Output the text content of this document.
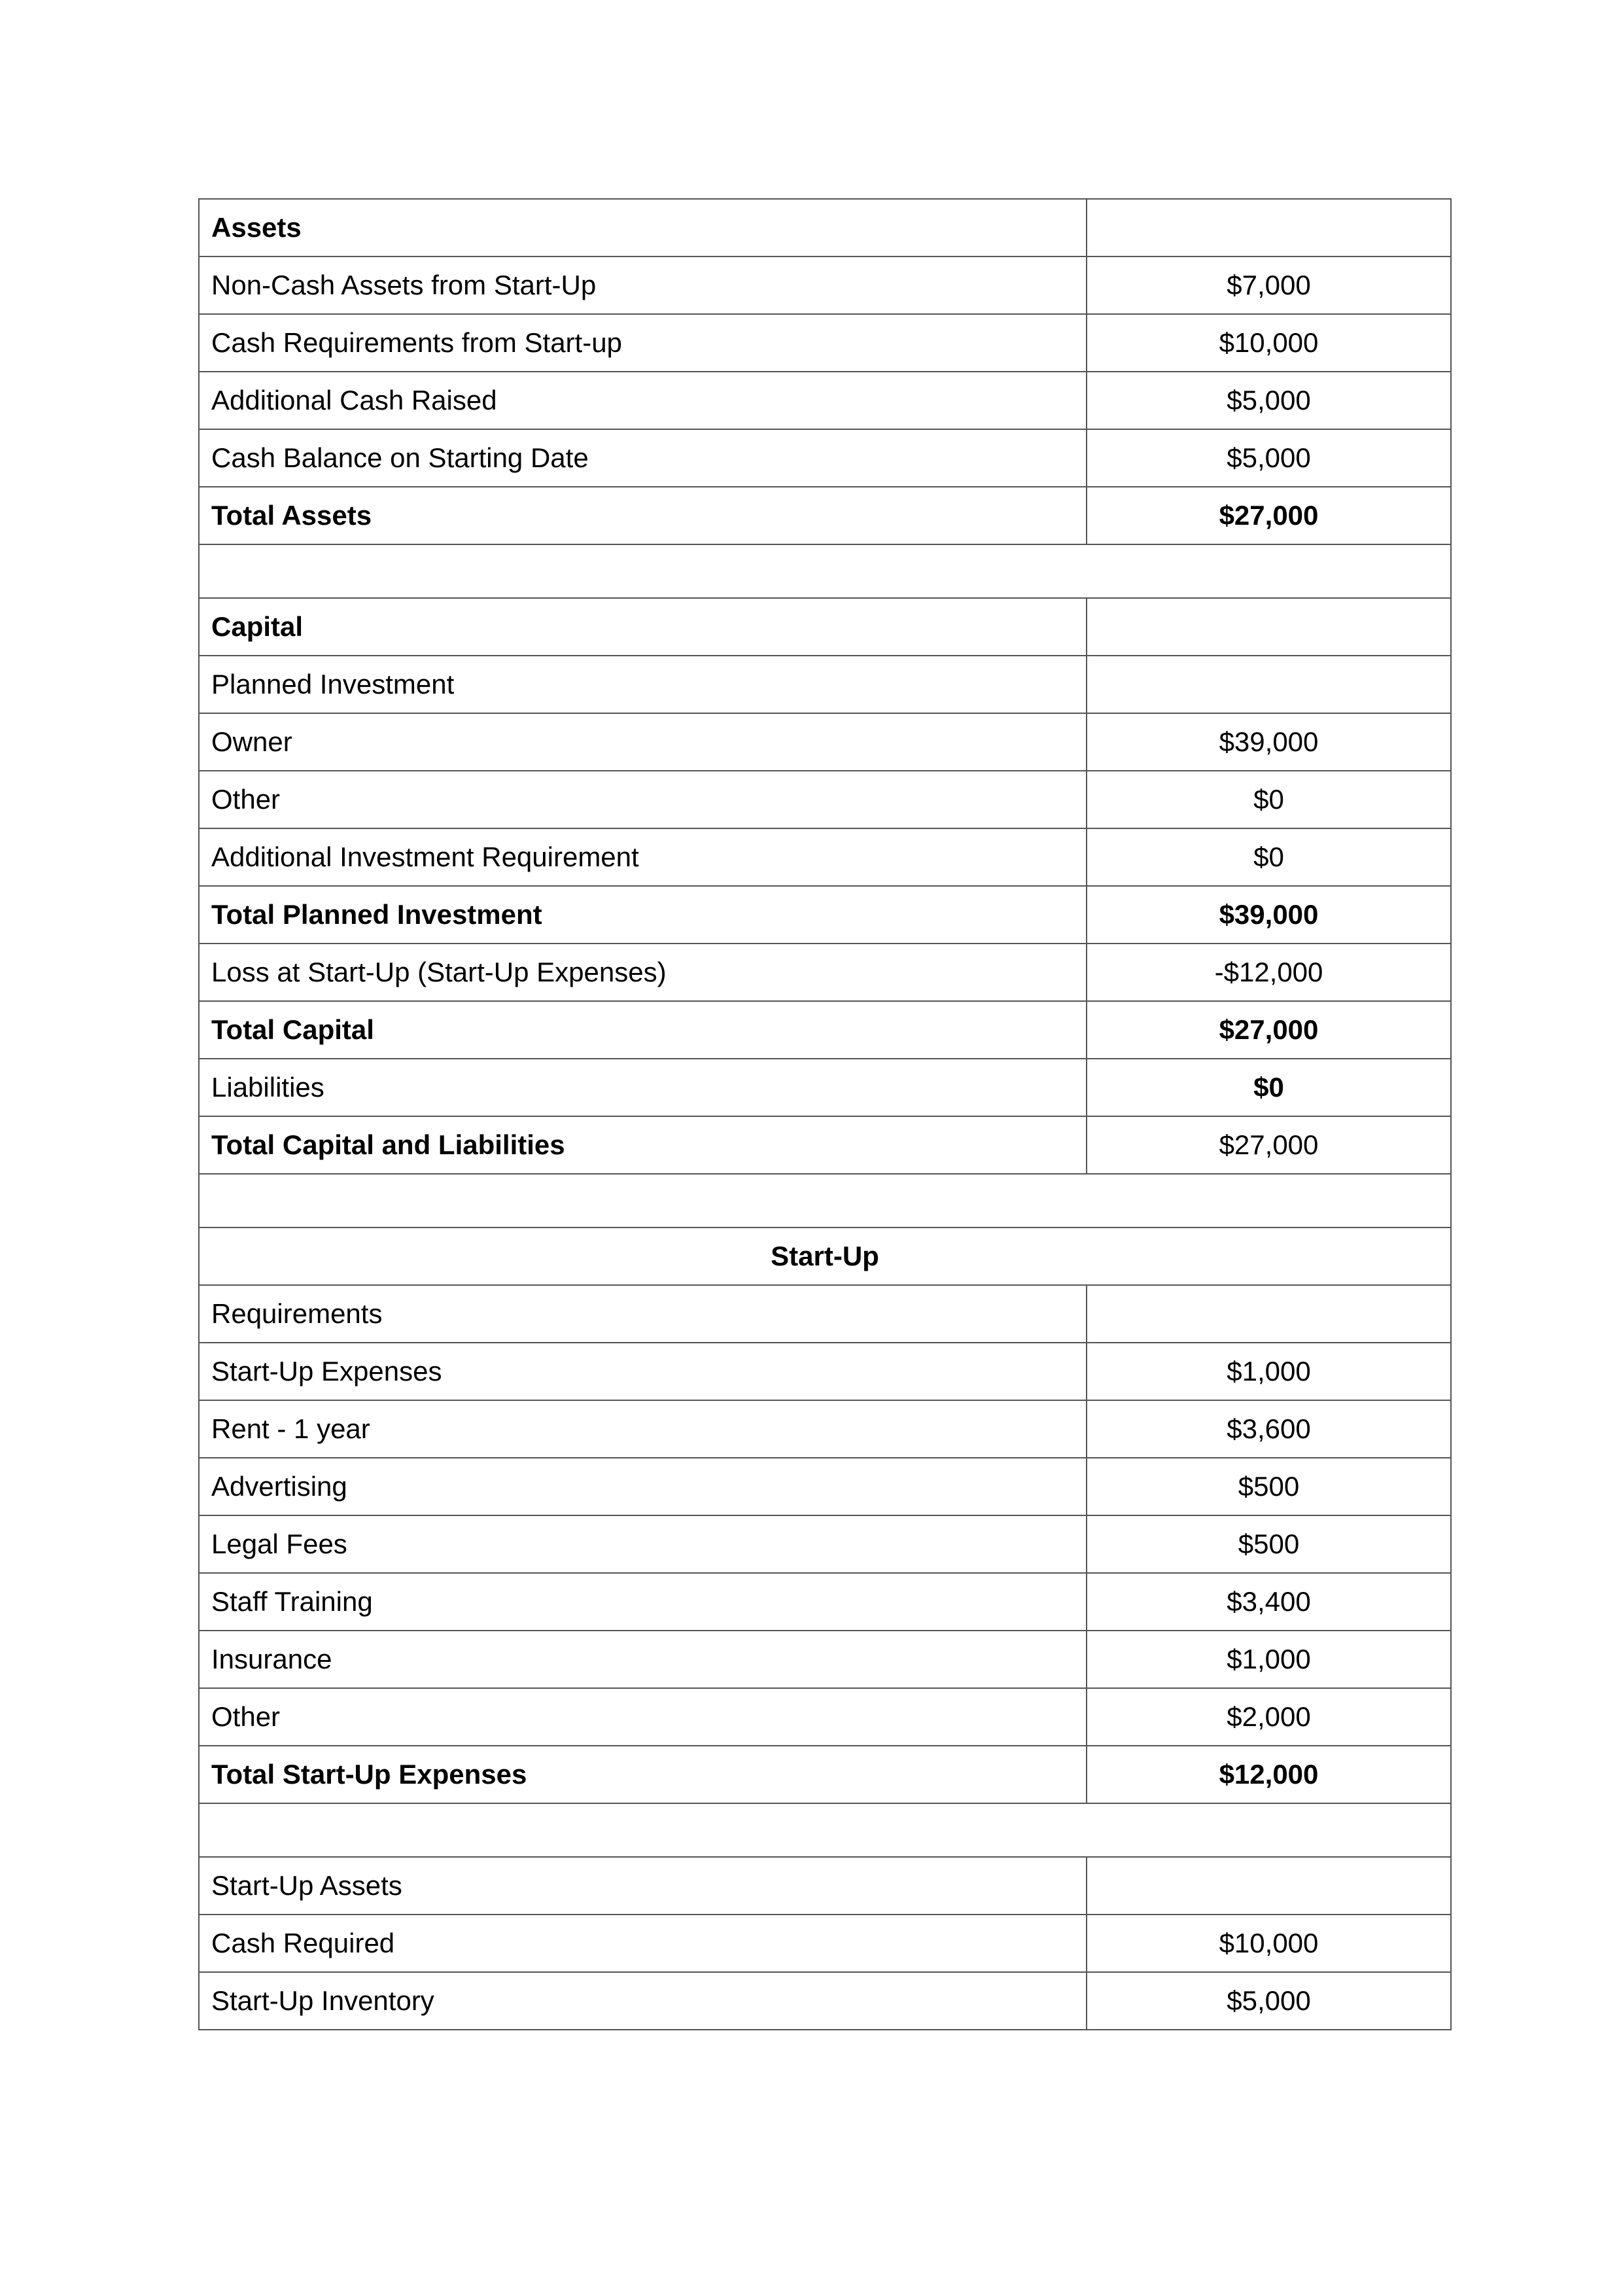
Assets	
Non-Cash Assets from Start-Up	$7,000
Cash Requirements from Start-up	$10,000
Additional Cash Raised	$5,000
Cash Balance on Starting Date	$5,000
Total Assets	$27,000

Capital	
Planned Investment	
Owner	$39,000
Other	$0
Additional Investment Requirement	$0
Total Planned Investment	$39,000
Loss at Start-Up (Start-Up Expenses)	-$12,000
Total Capital	$27,000
Liabilities	$0
Total Capital and Liabilities	$27,000

Start-Up	
Requirements	
Start-Up Expenses	$1,000
Rent - 1 year	$3,600
Advertising	$500
Legal Fees	$500
Staff Training	$3,400
Insurance	$1,000
Other	$2,000
Total Start-Up Expenses	$12,000

Start-Up Assets	
Cash Required	$10,000
Start-Up Inventory	$5,000
